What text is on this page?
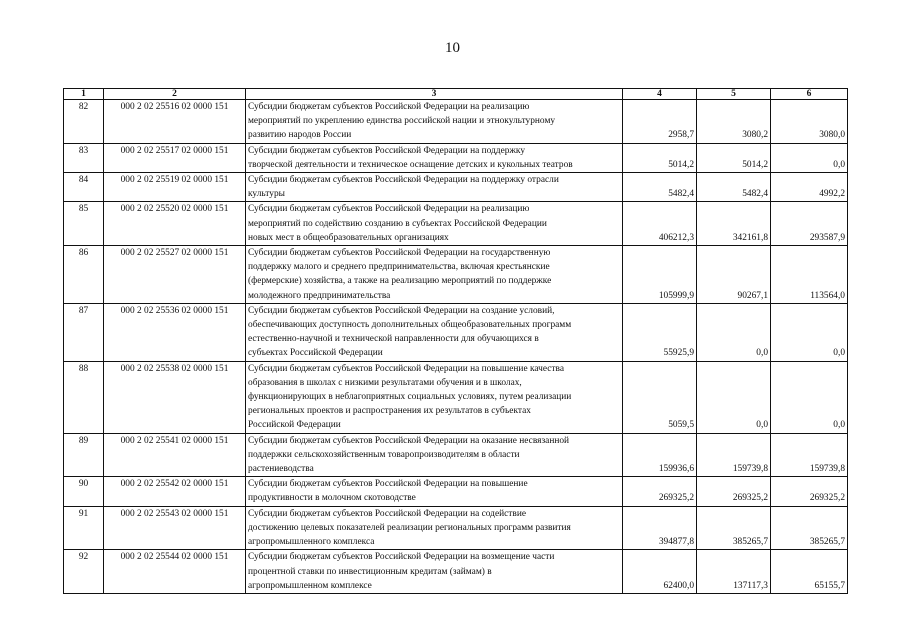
10
1	2	3	4	5	6
82	000 2 02 25516 02 0000 151	Субсидии бюджетам субъектов Российской Федерации на реализацию
мероприятий по укреплению единства российской нации и этнокультурному
развитию народов России	2958,7	3080,2	3080,0
83	000 2 02 25517 02 0000 151	Субсидии бюджетам субъектов Российской Федерации на поддержку
творческой деятельности и техническое оснащение детских и кукольных театров	5014,2	5014,2	0,0
84	000 2 02 25519 02 0000 151	Субсидии бюджетам субъектов Российской Федерации на поддержку отрасли
культуры	5482,4	5482,4	4992,2
85	000 2 02 25520 02 0000 151	Субсидии бюджетам субъектов Российской Федерации на реализацию
мероприятий по содействию созданию в субъектах Российской Федерации
новых мест в общеобразовательных организациях	406212,3	342161,8	293587,9
86	000 2 02 25527 02 0000 151	Субсидии бюджетам субъектов Российской Федерации на государственную
поддержку малого и среднего предпринимательства, включая крестьянские
(фермерские) хозяйства, а также на реализацию мероприятий по поддержке
молодежного предпринимательства	105999,9	90267,1	113564,0
87	000 2 02 25536 02 0000 151	Субсидии бюджетам субъектов Российской Федерации на создание условий,
обеспечивающих доступность дополнительных общеобразовательных программ
естественно-научной и технической направленности для обучающихся в
субъектах Российской Федерации	55925,9	0,0	0,0
88	000 2 02 25538 02 0000 151	Субсидии бюджетам субъектов Российской Федерации на повышение качества
образования в школах с низкими результатами обучения и в школах,
функционирующих в неблагоприятных социальных условиях, путем реализации
региональных проектов и распространения их результатов в субъектах
Российской Федерации	5059,5	0,0	0,0
89	000 2 02 25541 02 0000 151	Субсидии бюджетам субъектов Российской Федерации на оказание несвязанной
поддержки сельскохозяйственным товаропроизводителям в области
растениеводства	159936,6	159739,8	159739,8
90	000 2 02 25542 02 0000 151	Субсидии бюджетам субъектов Российской Федерации на повышение
продуктивности в молочном скотоводстве	269325,2	269325,2	269325,2
91	000 2 02 25543 02 0000 151	Субсидии бюджетам субъектов Российской Федерации на содействие
достижению целевых показателей реализации региональных программ развития
агропромышленного комплекса	394877,8	385265,7	385265,7
92	000 2 02 25544 02 0000 151	Субсидии бюджетам субъектов Российской Федерации на возмещение части
процентной ставки по инвестиционным кредитам (займам) в
агропромышленном комплексе	62400,0	137117,3	65155,7
